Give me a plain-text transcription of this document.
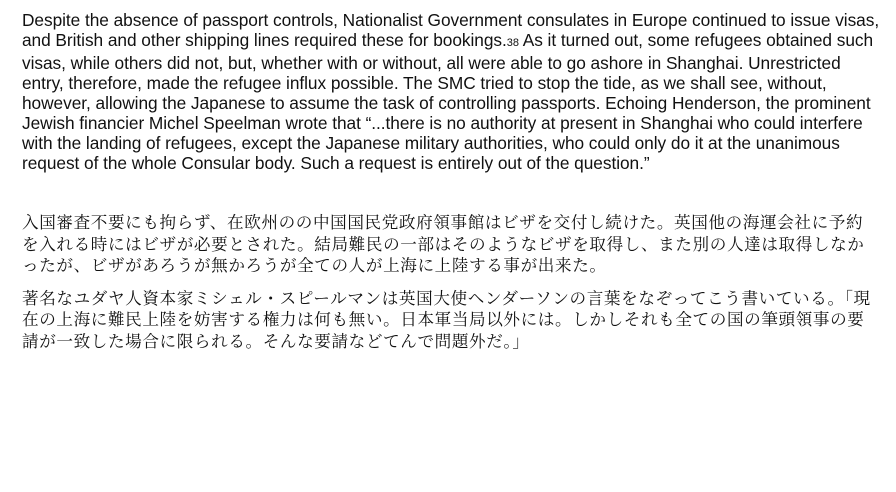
Despite the absence of passport controls, Nationalist Government consulates in Europe continued to issue visas, and British and other shipping lines required these for bookings.38 As it turned out, some refugees obtained such visas, while others did not, but, whether with or without, all were able to go ashore in Shanghai. Unrestricted entry, therefore, made the refugee influx possible. The SMC tried to stop the tide, as we shall see, without, however, allowing the Japanese to assume the task of controlling passports. Echoing Henderson, the prominent Jewish financier Michel Speelman wrote that “...there is no authority at present in Shanghai who could interfere with the landing of refugees, except the Japanese military authorities, who could only do it at the unanimous request of the whole Consular body. Such a request is entirely out of the question.”

入国審査不要にも拘らず、在欧州のの中国国民党政府領事館はビザを交付し続けた。英国他の海運会社に予約を入れる時にはビザが必要とされた。結局難民の一部はそのようなビザを取得し、また別の人達は取得しなかったが、ビザがあろうが無かろうが全ての人が上海に上陸する事が出来た。

著名なユダヤ人資本家ミシェル・スピールマンは英国大使ヘンダーソンの言葉をなぞってこう書いている。「現在の上海に難民上陸を妨害する権力は何も無い。日本軍当局以外には。しかしそれも全ての国の筆頭領事の要請が一致した場合に限られる。そんな要請などてんで問題外だ。」
